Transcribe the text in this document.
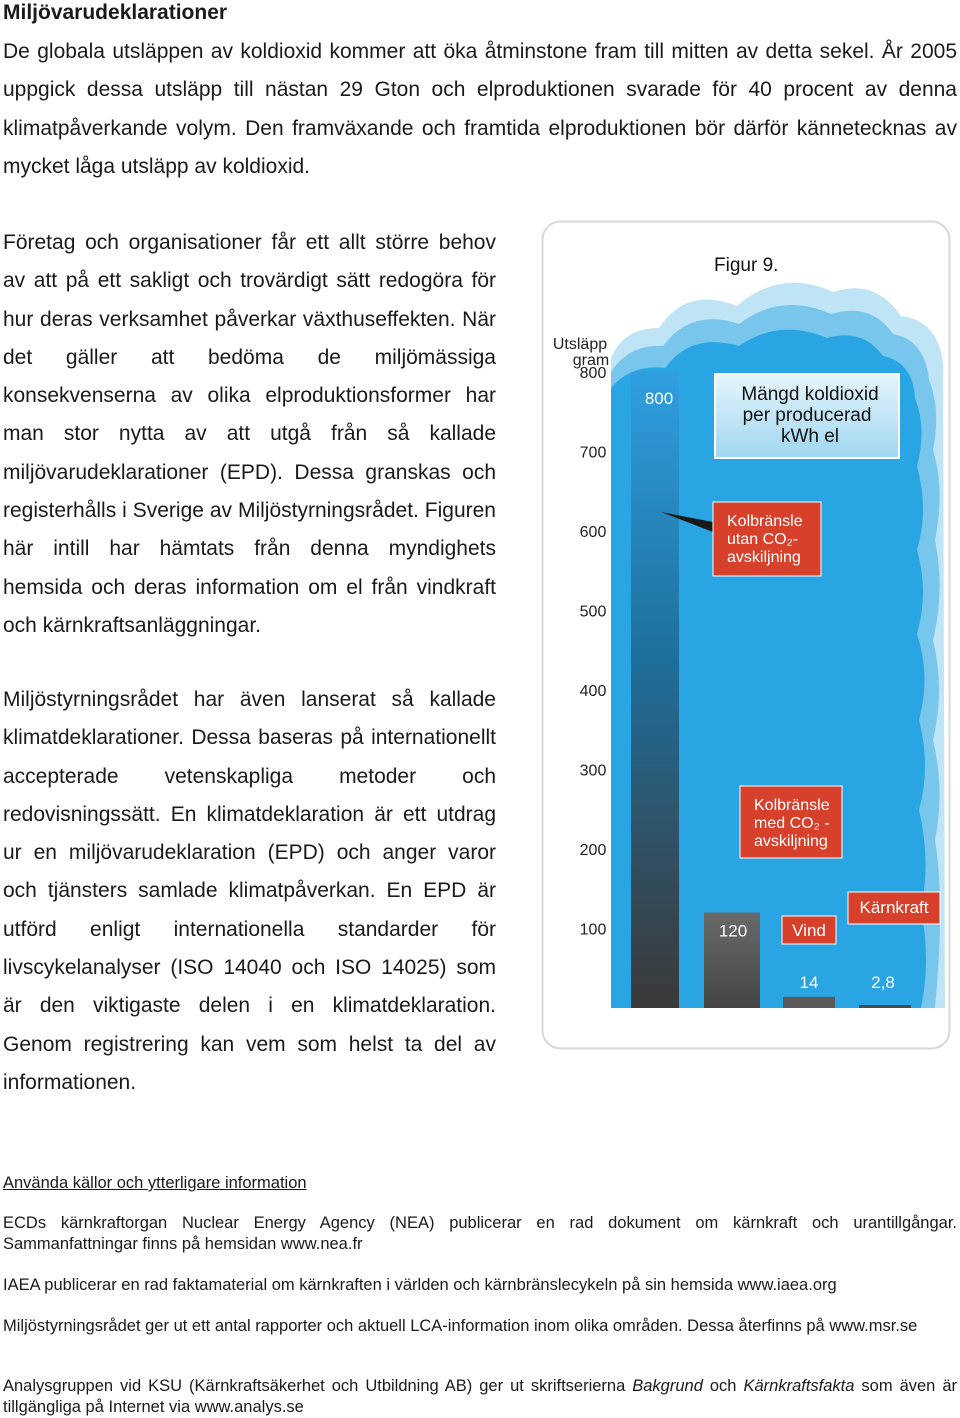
Miljövarudeklarationer

De globala utsläppen av koldioxid kommer att öka åtminstone fram till mitten av detta sekel. År 2005 uppgick dessa utsläpp till nästan 29 Gton och elproduktionen svarade för 40 procent av denna klimatpåverkande volym. Den framväxande och framtida elproduktionen bör därför kännetecknas av mycket låga utsläpp av koldioxid.

Företag och organisationer får ett allt större behov av att på ett sakligt och trovärdigt sätt redogöra för hur deras verksamhet påverkar växthuseffekten. När det gäller att bedöma de miljömässiga konsekvenserna av olika elproduktionsformer har man stor nytta av att utgå från så kallade miljövarudeklarationer (EPD). Dessa granskas och registerhålls i Sverige av Miljöstyrningsrådet. Figuren här intill har hämtats från denna myndighets hemsida och deras information om el från vindkraft och kärnkraftsanläggningar.

Miljöstyrningsrådet har även lanserat så kallade klimatdeklarationer. Dessa baseras på internationellt accepterade vetenskapliga metoder och redovisningssätt. En klimatdeklaration är ett utdrag ur en miljövarudeklaration (EPD) och anger varor och tjänsters samlade klimatpåverkan. En EPD är utförd enligt internationella standarder för livscykelanalyser (ISO 14040 och ISO 14025) som är den viktigaste delen i en klimatdeklaration. Genom registrering kan vem som helst ta del av informationen.

Utsläpp
gram
100
200
300
400
500
600
700
800
800
120
14	2,8
Figur 9.
Mängd koldioxid
per producerad
kWh el
Kolbränsle
utan CO₂-
avskiljning
Kolbränsle
med CO₂ -
avskiljning
Vind
Kärnkraft

Använda källor och ytterligare information

ECDs kärnkraftorgan Nuclear Energy Agency (NEA) publicerar en rad dokument om kärnkraft och urantillgångar. Sammanfattningar finns på hemsidan www.nea.fr

IAEA publicerar en rad faktamaterial om kärnkraften i världen och kärnbränslecykeln på sin hemsida www.iaea.org

Miljöstyrningsrådet ger ut ett antal rapporter och aktuell LCA-information inom olika områden. Dessa återfinns på www.msr.se

Analysgruppen vid KSU (Kärnkraftsäkerhet och Utbildning AB) ger ut skriftserierna Bakgrund och Kärnkraftsfakta som även är tillgängliga på Internet via www.analys.se
